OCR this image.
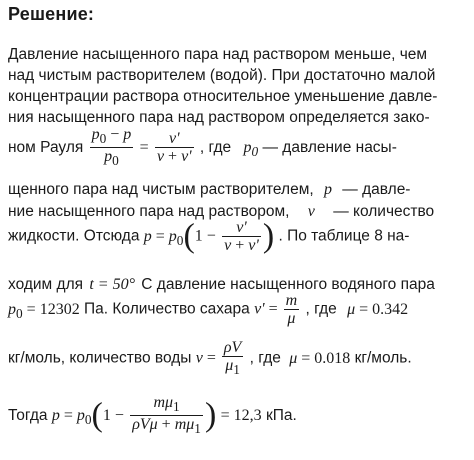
Решение:
Давление насыщенного пара над раствором меньше, чем
над чистым растворителем (водой). При достаточно малой
концентрации раствора относительное уменьшение давле-
ния насыщенного пара над раствором определяется зако-
ном Рауля $\frac{p_0 - p}{p_0} = \frac{\nu'}{\nu + \nu'}$ , где $p_0$ — давление насы-
щенного пара над чистым растворителем, p — давле-
ние насыщенного пара над раствором, ν — количество
жидкости. Отсюда $p = p_0(1 - \frac{\nu'}{\nu + \nu'}$ ) . По таблице 8 на-
ходим для t = 50° С давление насыщенного водяного пара
$p_0 = 12302$ Па. Количество сахара $\nu' = \frac{m}{\mu}$ , где μ = 0.342
кг/моль, количество воды $\nu = \frac{\rho V}{\mu_1}$ , где μ = 0.018 кг/моль.
Тогда $p = p_0(1 - \frac{m\mu_1}{\rho V\mu + m\mu_1}$ ) = 12,3 кПа.
